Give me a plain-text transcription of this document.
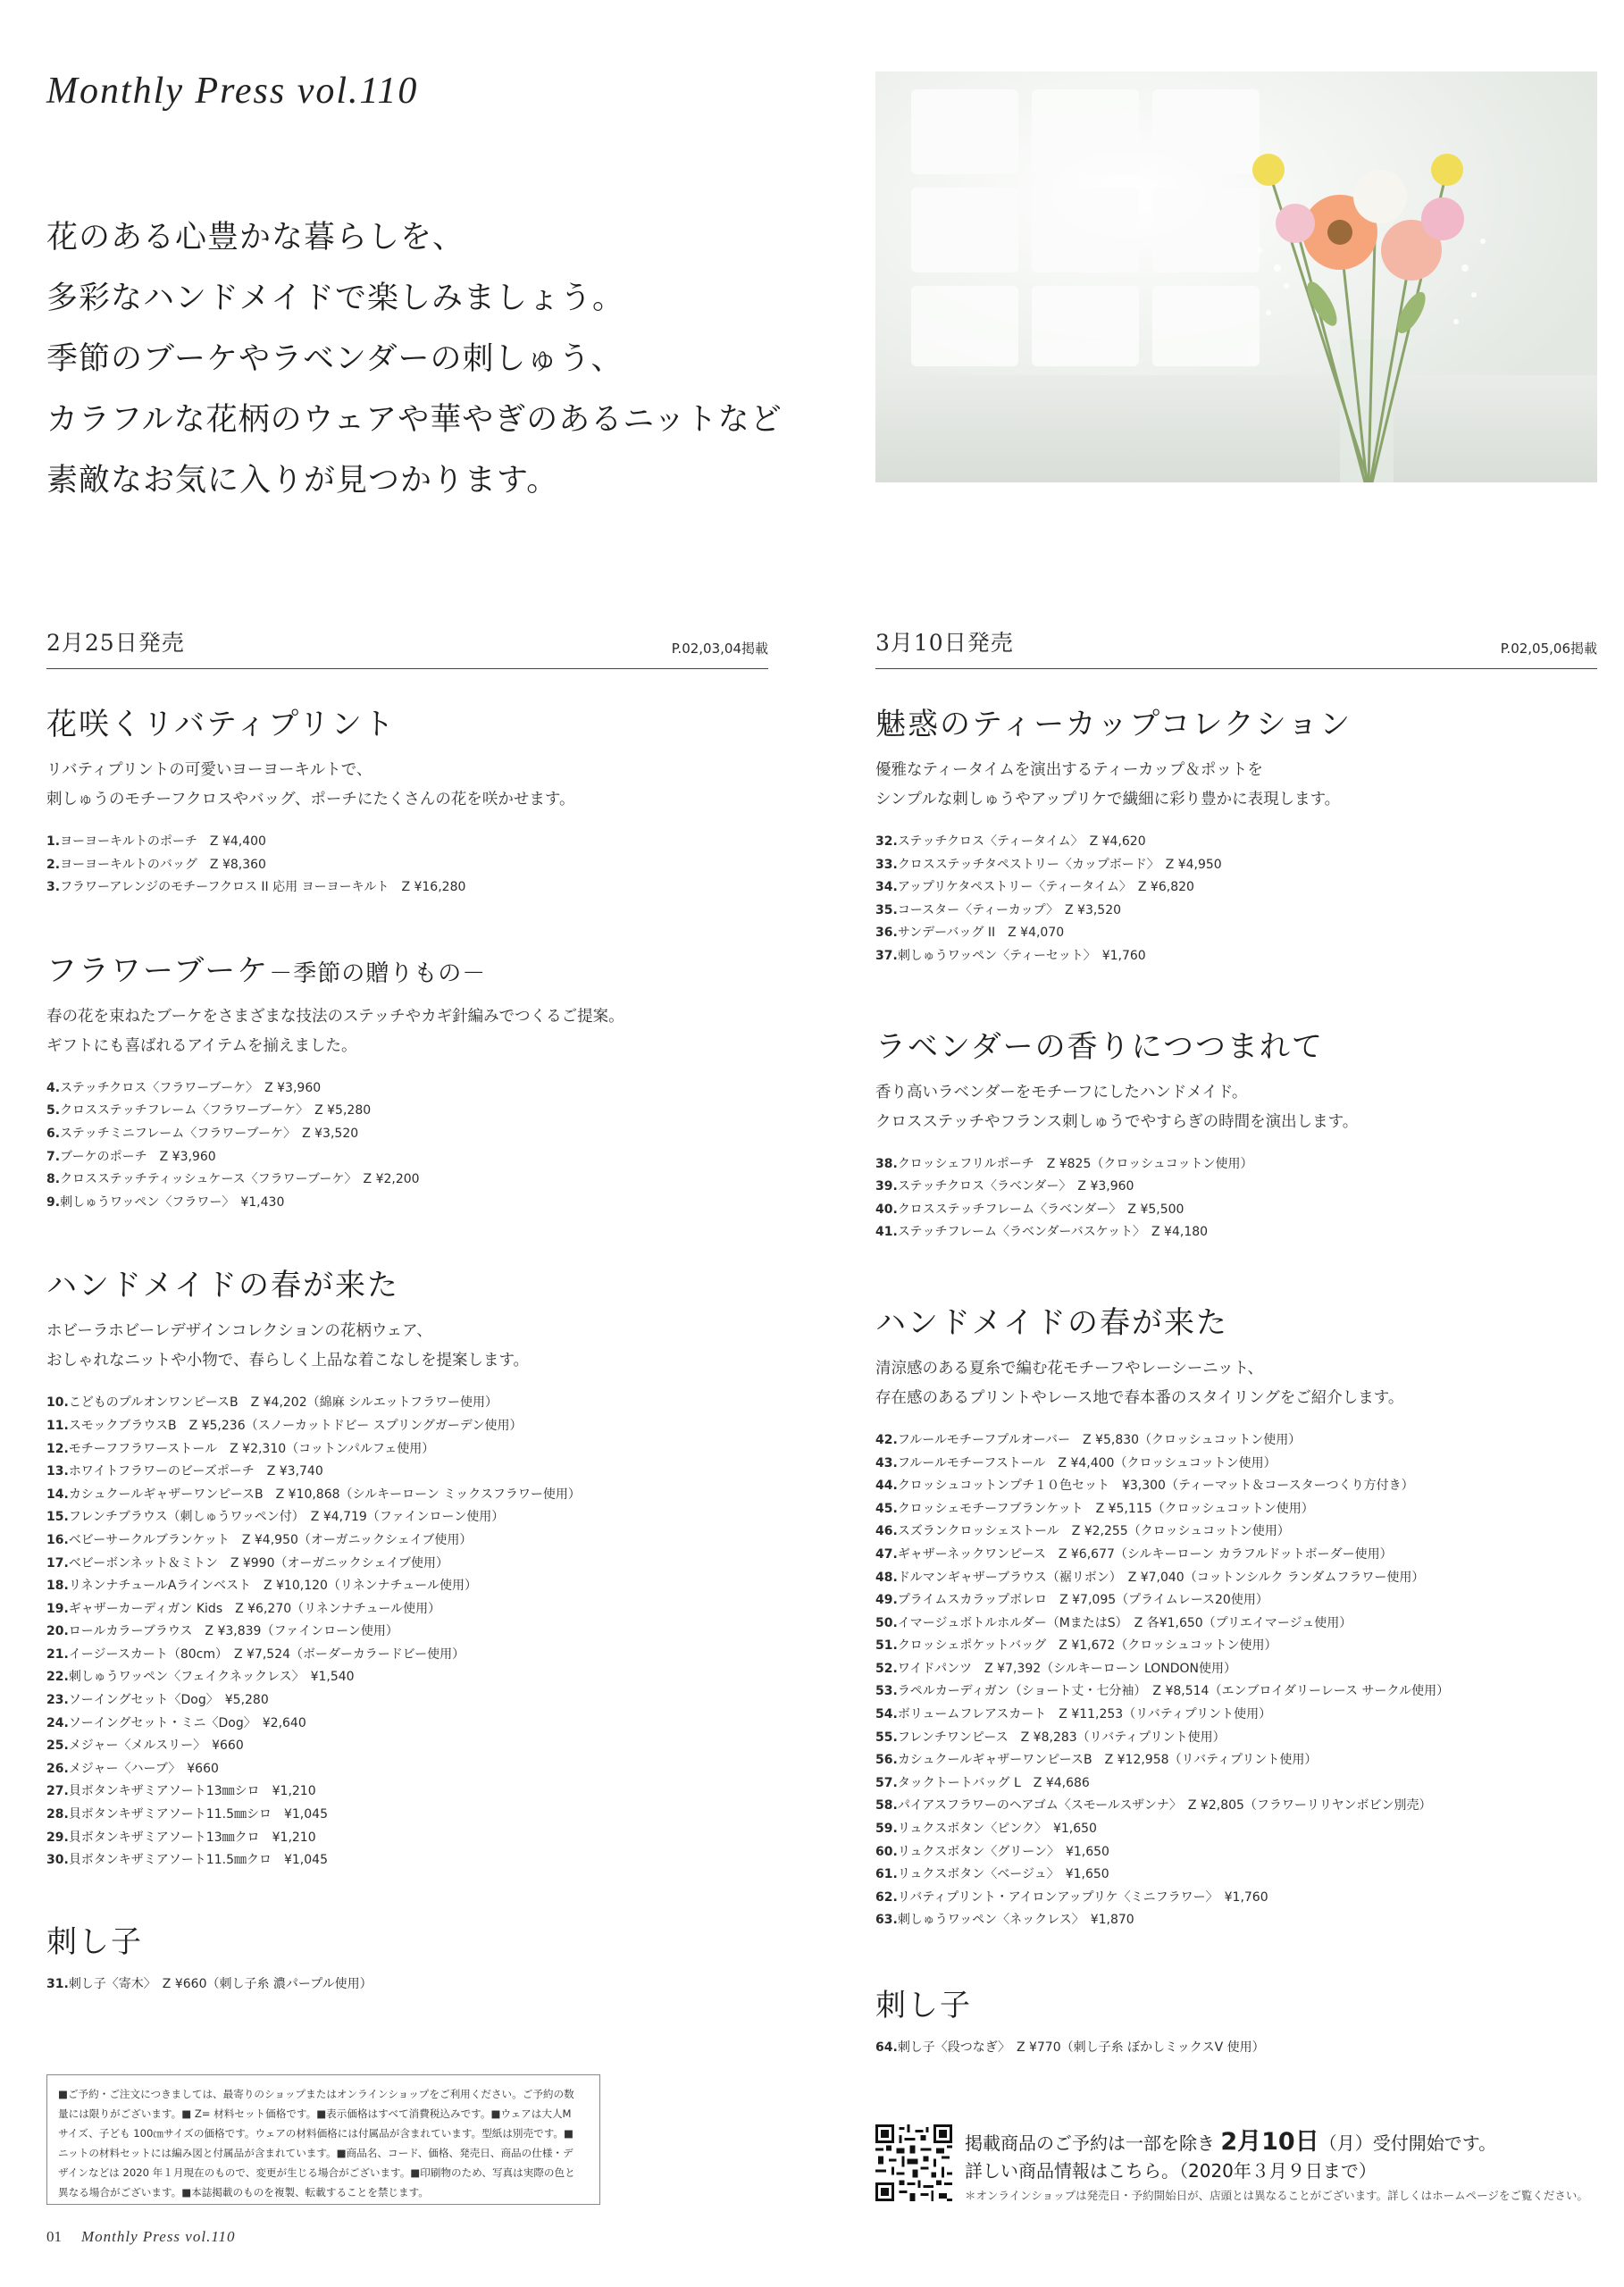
Monthly Press vol.110
花のある心豊かな暮らしを、
多彩なハンドメイドで楽しみましょう。
季節のブーケやラベンダーの刺しゅう、
カラフルな花柄のウェアや華やぎのあるニットなど
素敵なお気に入りが見つかります。
2月25日発売	P.02,03,04掲載
花咲くリバティプリント
リバティプリントの可愛いヨーヨーキルトで、
刺しゅうのモチーフクロスやバッグ、ポーチにたくさんの花を咲かせます。
1.ヨーヨーキルトのポーチ　Z ¥4,400
2.ヨーヨーキルトのバッグ　Z ¥8,360
3.フラワーアレンジのモチーフクロス II 応用 ヨーヨーキルト　Z ¥16,280
フラワーブーケ－季節の贈りもの－
春の花を束ねたブーケをさまざまな技法のステッチやカギ針編みでつくるご提案。
ギフトにも喜ばれるアイテムを揃えました。
4.ステッチクロス〈フラワーブーケ〉　Z ¥3,960
5.クロスステッチフレーム〈フラワーブーケ〉　Z ¥5,280
6.ステッチミニフレーム〈フラワーブーケ〉　Z ¥3,520
7.ブーケのポーチ　Z ¥3,960
8.クロスステッチティッシュケース〈フラワーブーケ〉　Z ¥2,200
9.刺しゅうワッペン〈フラワー〉　¥1,430
ハンドメイドの春が来た
ホビーラホビーレデザインコレクションの花柄ウェア、
おしゃれなニットや小物で、春らしく上品な着こなしを提案します。
10.こどものプルオンワンピースB　Z ¥4,202（綿麻 シルエットフラワー使用）
11.スモックブラウスB　Z ¥5,236（スノーカットドビー スプリングガーデン使用）
12.モチーフフラワーストール　Z ¥2,310（コットンパルフェ使用）
13.ホワイトフラワーのビーズポーチ　Z ¥3,740
14.カシュクールギャザーワンピースB　Z ¥10,868（シルキーローン ミックスフラワー使用）
15.フレンチブラウス（刺しゅうワッペン付）　Z ¥4,719（ファインローン使用）
16.ベビーサークルブランケット　Z ¥4,950（オーガニックシェイブ使用）
17.ベビーボンネット＆ミトン　Z ¥990（オーガニックシェイブ使用）
18.リネンナチュールAラインベスト　Z ¥10,120（リネンナチュール使用）
19.ギャザーカーディガン Kids　Z ¥6,270（リネンナチュール使用）
20.ロールカラーブラウス　Z ¥3,839（ファインローン使用）
21.イージースカート（80cm）　Z ¥7,524（ボーダーカラードビー使用）
22.刺しゅうワッペン〈フェイクネックレス〉　¥1,540
23.ソーイングセット〈Dog〉　¥5,280
24.ソーイングセット・ミニ〈Dog〉　¥2,640
25.メジャー〈メルスリー〉　¥660
26.メジャー〈ハーブ〉　¥660
27.貝ボタンキザミアソート13㎜シロ　¥1,210
28.貝ボタンキザミアソート11.5㎜シロ　¥1,045
29.貝ボタンキザミアソート13㎜クロ　¥1,210
30.貝ボタンキザミアソート11.5㎜クロ　¥1,045
刺し子
31.刺し子〈寄木〉　Z ¥660（刺し子糸 濃パープル使用）
3月10日発売	P.02,05,06掲載
魅惑のティーカップコレクション
優雅なティータイムを演出するティーカップ＆ポットを
シンプルな刺しゅうやアップリケで繊細に彩り豊かに表現します。
32.ステッチクロス〈ティータイム〉　Z ¥4,620
33.クロスステッチタペストリー〈カップボード〉　Z ¥4,950
34.アップリケタペストリー〈ティータイム〉　Z ¥6,820
35.コースター〈ティーカップ〉　Z ¥3,520
36.サンデーバッグ II　Z ¥4,070
37.刺しゅうワッペン〈ティーセット〉　¥1,760
ラベンダーの香りにつつまれて
香り高いラベンダーをモチーフにしたハンドメイド。
クロスステッチやフランス刺しゅうでやすらぎの時間を演出します。
38.クロッシェフリルポーチ　Z ¥825（クロッシュコットン使用）
39.ステッチクロス〈ラベンダー〉　Z ¥3,960
40.クロスステッチフレーム〈ラベンダー〉　Z ¥5,500
41.ステッチフレーム〈ラベンダーバスケット〉　Z ¥4,180
ハンドメイドの春が来た
清涼感のある夏糸で編む花モチーフやレーシーニット、
存在感のあるプリントやレース地で春本番のスタイリングをご紹介します。
42.フルールモチーフプルオーバー　Z ¥5,830（クロッシュコットン使用）
43.フルールモチーフストール　Z ¥4,400（クロッシュコットン使用）
44.クロッシュコットンプチ１０色セット　¥3,300（ティーマット＆コースターつくり方付き）
45.クロッシェモチーフブランケット　Z ¥5,115（クロッシュコットン使用）
46.スズランクロッシェストール　Z ¥2,255（クロッシュコットン使用）
47.ギャザーネックワンピース　Z ¥6,677（シルキーローン カラフルドットボーダー使用）
48.ドルマンギャザーブラウス（裾リボン）　Z ¥7,040（コットンシルク ランダムフラワー使用）
49.プライムスカラップボレロ　Z ¥7,095（プライムレース20使用）
50.イマージュボトルホルダー（MまたはS）　Z 各¥1,650（プリエイマージュ使用）
51.クロッシェポケットバッグ　Z ¥1,672（クロッシュコットン使用）
52.ワイドパンツ　Z ¥7,392（シルキーローン LONDON使用）
53.ラペルカーディガン（ショート丈・七分袖）　Z ¥8,514（エンブロイダリーレース サークル使用）
54.ボリュームフレアスカート　Z ¥11,253（リバティプリント使用）
55.フレンチワンピース　Z ¥8,283（リバティプリント使用）
56.カシュクールギャザーワンピースB　Z ¥12,958（リバティプリント使用）
57.タックトートバッグ L　Z ¥4,686
58.パイアスフラワーのヘアゴム〈スモールスザンナ〉　Z ¥2,805（フラワーリリヤンボビン別売）
59.リュクスボタン〈ピンク〉　¥1,650
60.リュクスボタン〈グリーン〉　¥1,650
61.リュクスボタン〈ベージュ〉　¥1,650
62.リバティプリント・アイロンアップリケ〈ミニフラワー〉　¥1,760
63.刺しゅうワッペン〈ネックレス〉　¥1,870
刺し子
64.刺し子〈段つなぎ〉　Z ¥770（刺し子糸 ぼかしミックスV 使用）
■ご予約・ご注文につきましては、最寄りのショップまたはオンラインショップをご利用ください。ご予約の数
量には限りがございます。■ Z= 材料セット価格です。■表示価格はすべて消費税込みです。■ウェアは大人M
サイズ、子ども 100㎝サイズの価格です。ウェアの材料価格には付属品が含まれています。型紙は別売です。■
ニットの材料セットには編み図と付属品が含まれています。■商品名、コード、価格、発売日、商品の仕様・デ
ザインなどは 2020 年１月現在のもので、変更が生じる場合がございます。■印刷物のため、写真は実際の色と
異なる場合がございます。■本誌掲載のものを複製、転載することを禁じます。
01 Monthly Press vol.110
掲載商品のご予約は一部を除き 2月10日（月）受付開始です。
詳しい商品情報はこちら。（2020年３月９日まで）
＊オンラインショップは発売日・予約開始日が、店頭とは異なることがございます。詳しくはホームページをご覧ください。
